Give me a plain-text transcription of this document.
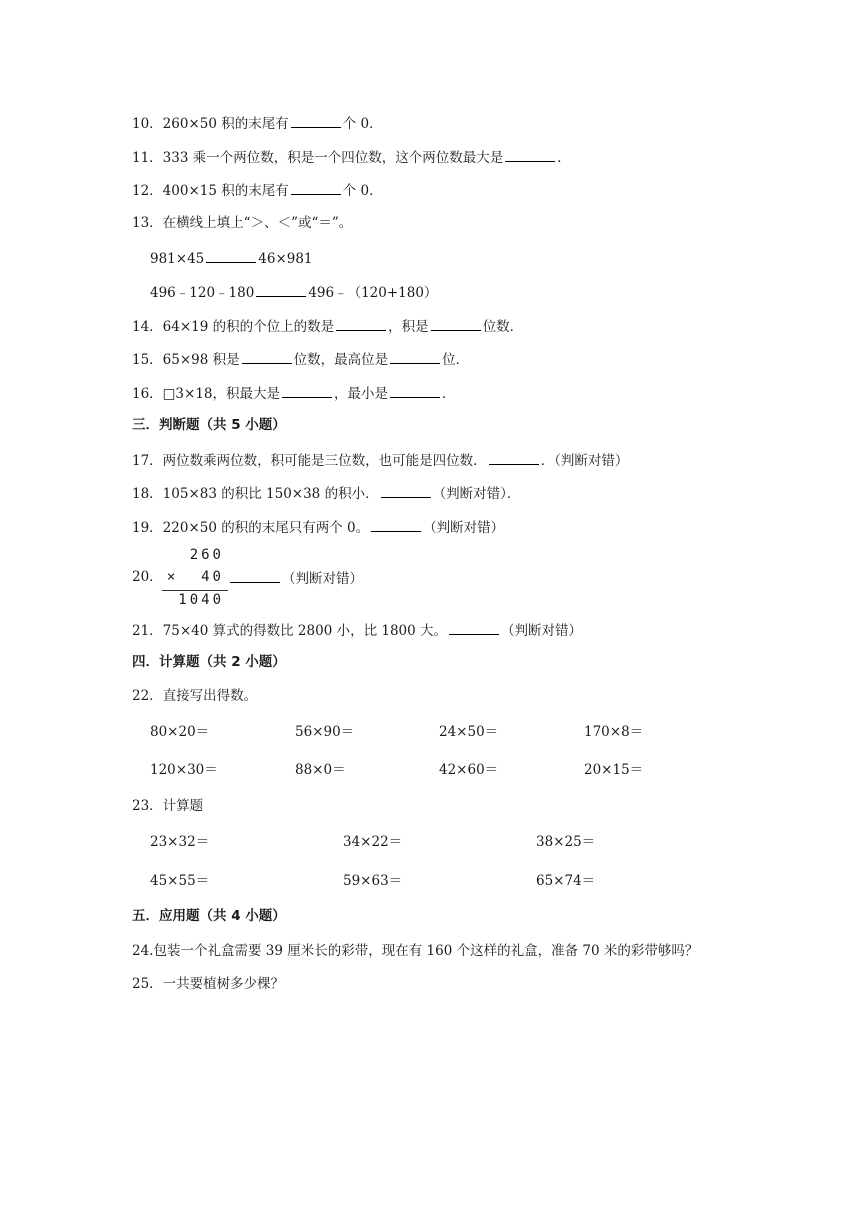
10．260×50 积的末尾有	个 0．
11．333 乘一个两位数，积是一个四位数，这个两位数最大是	．
12．400×15 积的末尾有	个 0．
13．在横线上填上“＞、＜”或“＝”。
981×45	46×981
496﹣120﹣180	496﹣（120+180）
14．64×19 的积的个位上的数是	，积是	位数．
15．65×98 积是	位数，最高位是	位．
16．□3×18，积最大是	，最小是	．
三．判断题（共 5 小题）
17．两位数乘两位数，积可能是三位数，也可能是四位数．	．（判断对错）
18．105×83 的积比 150×38 的积小．	（判断对错）．
19．220×50 的积的末尾只有两个 0。	（判断对错）
20．
260
×  40
1040
（判断对错）
21．75×40 算式的得数比 2800 小，比 1800 大。	（判断对错）
四．计算题（共 2 小题）
22．直接写出得数。
80×20＝	56×90＝	24×50＝	170×8＝
120×30＝	88×0＝	42×60＝	20×15＝
23．计算题
23×32＝	34×22＝	38×25＝
45×55＝	59×63＝	65×74＝
五．应用题（共 4 小题）
24.包装一个礼盒需要 39 厘米长的彩带，现在有 160 个这样的礼盒，准备 70 米的彩带够吗？
25．一共要植树多少棵？
